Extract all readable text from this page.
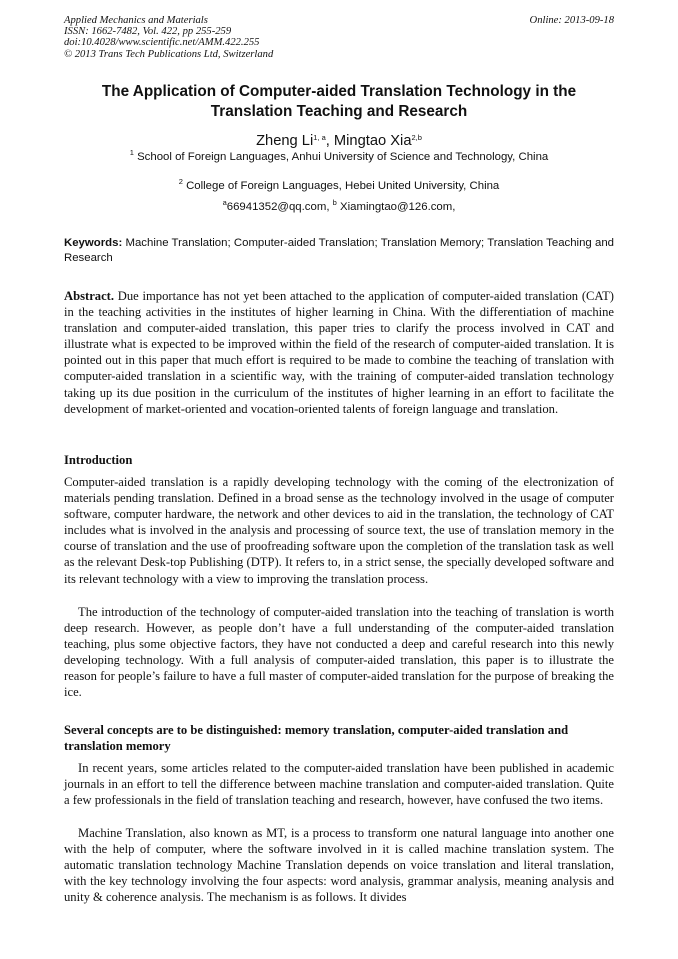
Applied Mechanics and Materials
ISSN: 1662-7482, Vol. 422, pp 255-259
doi:10.4028/www.scientific.net/AMM.422.255
© 2013 Trans Tech Publications Ltd, Switzerland
Online: 2013-09-18
The Application of Computer-aided Translation Technology in the Translation Teaching and Research
Zheng Li$^{1, a}$, Mingtao Xia$^{2,b}$
$^1$ School of Foreign Languages, Anhui University of Science and Technology, China
$^2$ College of Foreign Languages, Hebei United University, China
$^a$66941352@qq.com, $^b$ Xiamingtao@126.com,
Keywords: Machine Translation; Computer-aided Translation; Translation Memory; Translation Teaching and Research
Abstract. Due importance has not yet been attached to the application of computer-aided translation (CAT) in the teaching activities in the institutes of higher learning in China. With the differentiation of machine translation and computer-aided translation, this paper tries to clarify the process involved in CAT and illustrate what is expected to be improved within the field of the research of computer-aided translation. It is pointed out in this paper that much effort is required to be made to combine the teaching of translation with computer-aided translation in a scientific way, with the training of computer-aided translation technology taking up its due position in the curriculum of the institutes of higher learning in an effort to facilitate the development of market-oriented and vocation-oriented talents of foreign language and translation.
Introduction
Computer-aided translation is a rapidly developing technology with the coming of the electronization of materials pending translation. Defined in a broad sense as the technology involved in the usage of computer software, computer hardware, the network and other devices to aid in the translation, the technology of CAT includes what is involved in the analysis and processing of source text, the use of translation memory in the course of translation and the use of proofreading software upon the completion of the translation task as well as the relevant Desk-top Publishing (DTP). It refers to, in a strict sense, the specially developed software and its relevant technology with a view to improving the translation process.
The introduction of the technology of computer-aided translation into the teaching of translation is worth deep research. However, as people don’t have a full understanding of the computer-aided translation teaching, plus some objective factors, they have not conducted a deep and careful research into this newly developing technology. With a full analysis of computer-aided translation, this paper is to illustrate the reason for people’s failure to have a full master of computer-aided translation for the purpose of breaking the ice.
Several concepts are to be distinguished: memory translation, computer-aided translation and translation memory
In recent years, some articles related to the computer-aided translation have been published in academic journals in an effort to tell the difference between machine translation and computer-aided translation. Quite a few professionals in the field of translation teaching and research, however, have confused the two items.
Machine Translation, also known as MT, is a process to transform one natural language into another one with the help of computer, where the software involved in it is called machine translation system. The automatic translation technology Machine Translation depends on voice translation and literal translation, with the key technology involving the four aspects: word analysis, grammar analysis, meaning analysis and unity & coherence analysis. The mechanism is as follows. It divides
